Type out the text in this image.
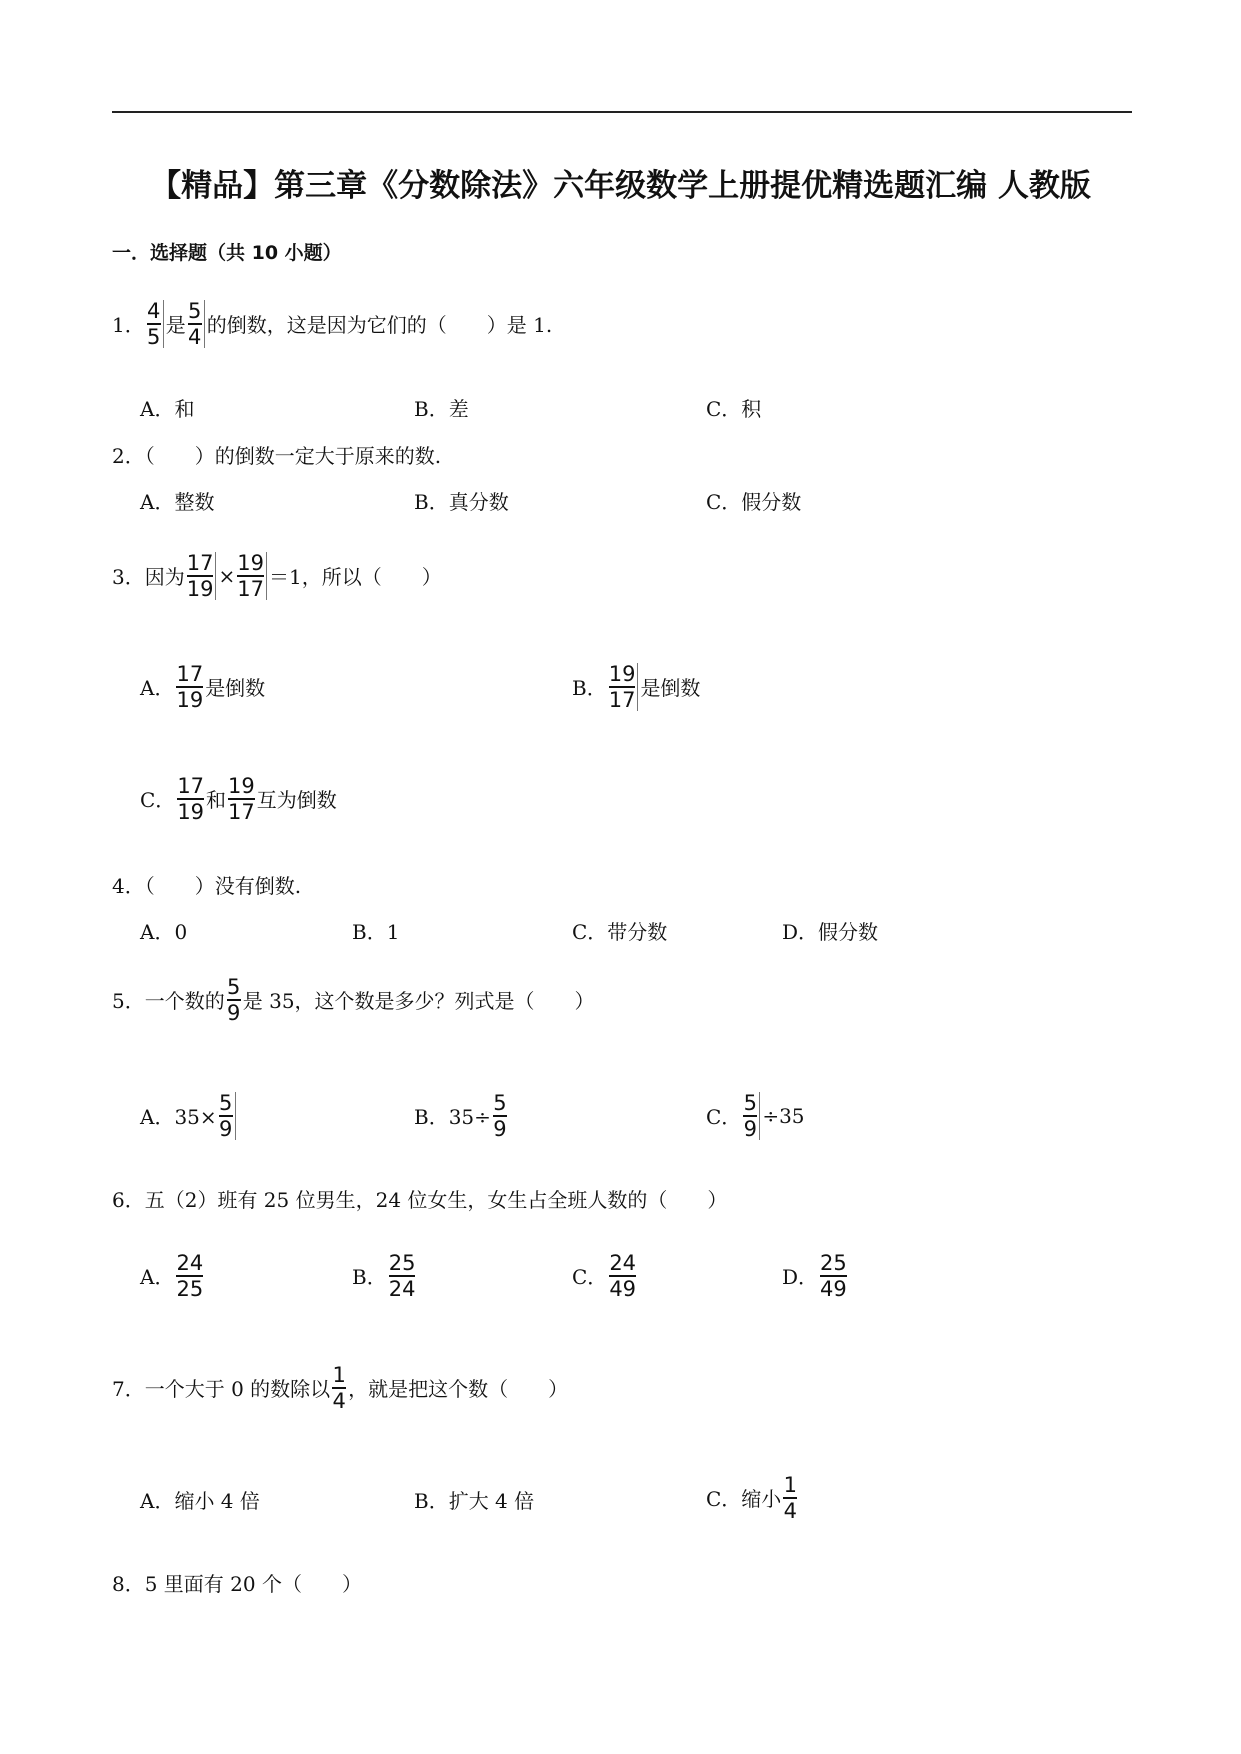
【精品】第三章《分数除法》六年级数学上册提优精选题汇编 人教版
一．选择题（共 10 小题）
1． $\frac{4}{5}$ 是 $\frac{5}{4}$ 的倒数，这是因为它们的（　　）是 1.
A．和	B．差	C．积
2．（　　）的倒数一定大于原来的数.
A．整数	B．真分数	C．假分数
3．因为 $\frac{17}{19} \times \frac{19}{17} =1$，所以（　　）
A． $\frac{17}{19}$ 是倒数	B． $\frac{19}{17}$ 是倒数
C． $\frac{17}{19}$ 和 $\frac{19}{17}$ 互为倒数
4．（　　）没有倒数.
A．0	B．1	C．带分数	D．假分数
5．一个数的 $\frac{5}{9}$ 是 35，这个数是多少？列式是（　　）
A．$35\times \frac{5}{9}$	B．$35\div \frac{5}{9}$	C． $\frac{5}{9} \div 35$
6．五（2）班有 25 位男生，24 位女生，女生占全班人数的（　　）
A． $\frac{24}{25}$	B． $\frac{25}{24}$	C． $\frac{24}{49}$	D． $\frac{25}{49}$
7．一个大于 0 的数除以 $\frac{1}{4}$ ，就是把这个数（　　）
A．缩小 4 倍	B．扩大 4 倍	C．缩小 $\frac{1}{4}$
8．5 里面有 20 个（　　）
